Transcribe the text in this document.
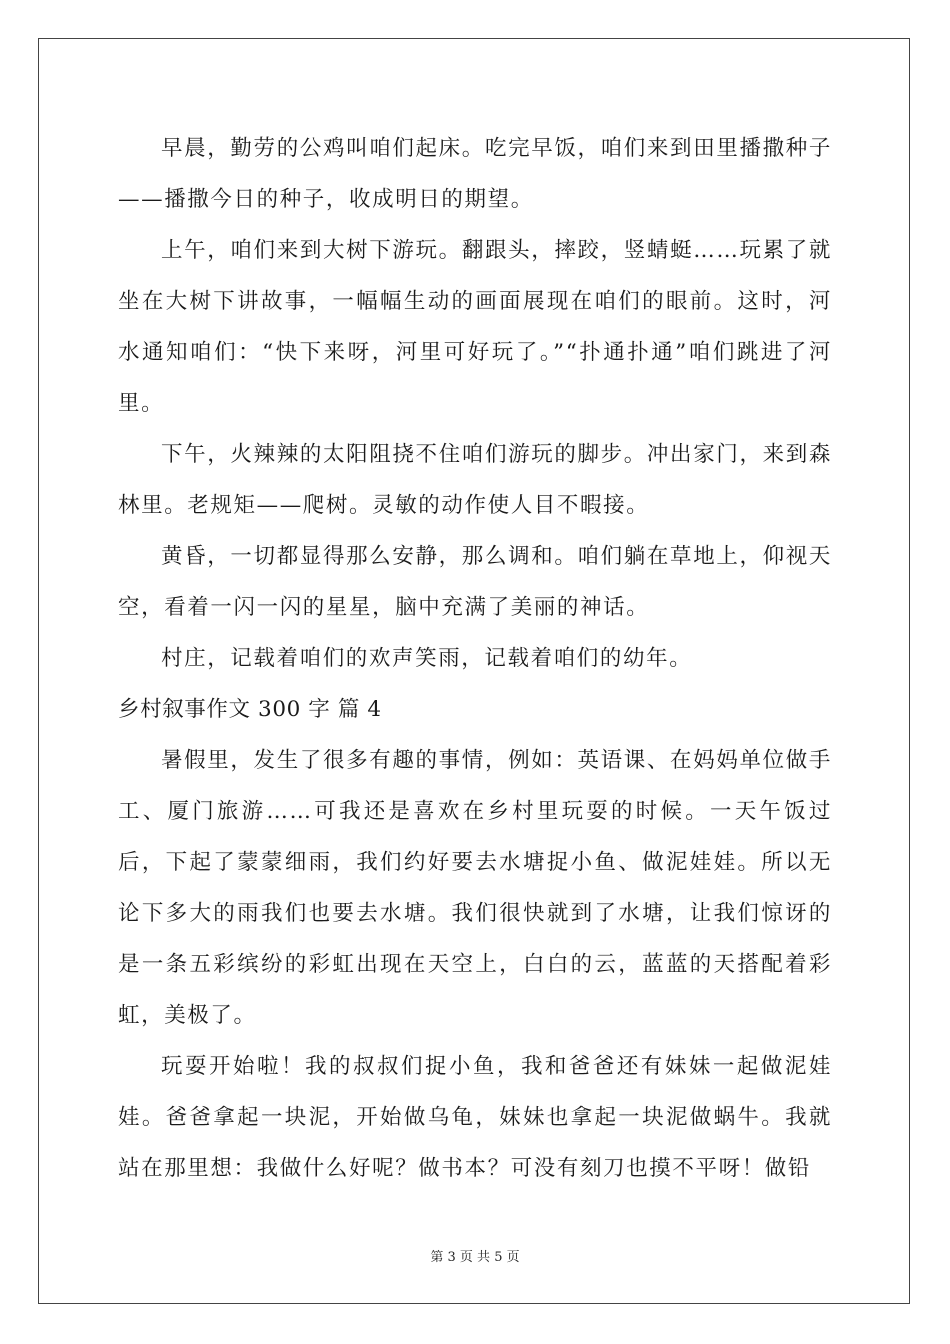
早晨，勤劳的公鸡叫咱们起床。吃完早饭，咱们来到田里播撒种子——播撒今日的种子，收成明日的期望。

上午，咱们来到大树下游玩。翻跟头，摔跤，竖蜻蜓……玩累了就坐在大树下讲故事，一幅幅生动的画面展现在咱们的眼前。这时，河水通知咱们：“快下来呀，河里可好玩了。”“扑通扑通”咱们跳进了河里。

下午，火辣辣的太阳阻挠不住咱们游玩的脚步。冲出家门，来到森林里。老规矩——爬树。灵敏的动作使人目不暇接。

黄昏，一切都显得那么安静，那么调和。咱们躺在草地上，仰视天空，看着一闪一闪的星星，脑中充满了美丽的神话。

村庄，记载着咱们的欢声笑雨，记载着咱们的幼年。

乡村叙事作文 300 字 篇 4

暑假里，发生了很多有趣的事情，例如：英语课、在妈妈单位做手工、厦门旅游……可我还是喜欢在乡村里玩耍的时候。一天午饭过后，下起了蒙蒙细雨，我们约好要去水塘捉小鱼、做泥娃娃。所以无论下多大的雨我们也要去水塘。我们很快就到了水塘，让我们惊讶的是一条五彩缤纷的彩虹出现在天空上，白白的云，蓝蓝的天搭配着彩虹，美极了。

玩耍开始啦！我的叔叔们捉小鱼，我和爸爸还有妹妹一起做泥娃娃。爸爸拿起一块泥，开始做乌龟，妹妹也拿起一块泥做蜗牛。我就站在那里想：我做什么好呢？做书本？可没有刻刀也摸不平呀！做铅

第 3 页 共 5 页
